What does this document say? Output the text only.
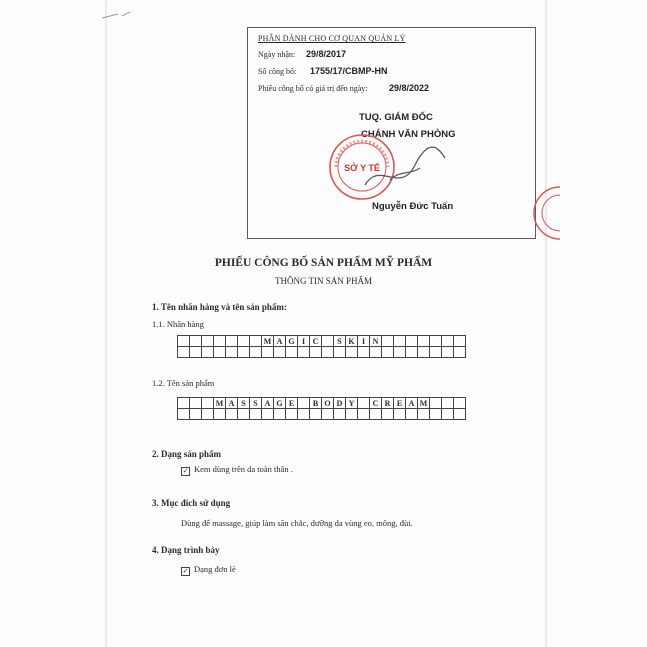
PHẦN DÀNH CHO CƠ QUAN QUẢN LÝ
Ngày nhận: 29/8/2017
Số công bố: 1755/17/CBMP-HN
Phiếu công bố có giá trị đến ngày: 29/8/2022
TUQ. GIÁM ĐỐC
CHÁNH VĂN PHÒNG
Nguyễn Đức Tuấn
SỞ Y TẾ
PHIẾU CÔNG BỐ SẢN PHẨM MỸ PHẨM
THÔNG TIN SẢN PHẨM
1. Tên nhãn hàng và tên sản phẩm:
1.1. Nhãn hàng
M A G I C	S K I N
1.2. Tên sản phẩm
M A S S A G E	B O D Y	C R E A M
2. Dạng sản phẩm
✓ Kem dùng trên da toàn thân .
3. Mục đích sử dụng
Dùng để massage, giúp làm săn chắc, dưỡng da vùng eo, mông, đùi.
4. Dạng trình bày
✓ Dạng đơn lẻ
